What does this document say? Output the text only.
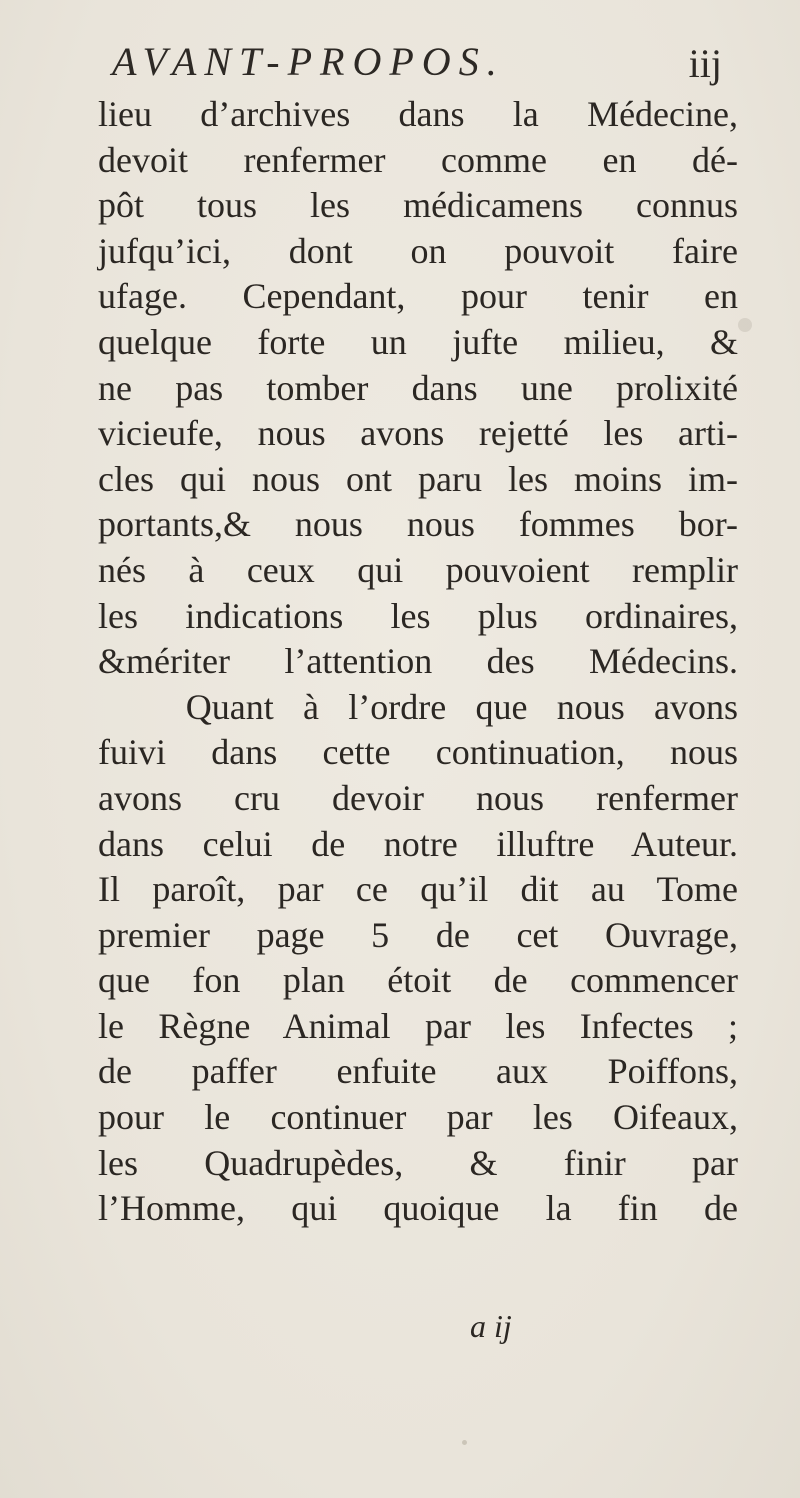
AVANT-PROPOS.	iij
lieu d’archives dans la Médecine,
devoit renfermer comme en dé-
pôt tous les médicamens connus
jufqu’ici, dont on pouvoit faire
ufage. Cependant, pour tenir en
quelque forte un jufte milieu, &
ne pas tomber dans une prolixité
vicieufe, nous avons rejetté les arti-
cles qui nous ont paru les moins im-
portants,& nous nous fommes bor-
nés à ceux qui pouvoient remplir
les indications les plus ordinaires,
&mériter l’attention des Médecins.
Quant à l’ordre que nous avons
fuivi dans cette continuation, nous
avons cru devoir nous renfermer
dans celui de notre illuftre Auteur.
Il paroît, par ce qu’il dit au Tome
premier page 5 de cet Ouvrage,
que fon plan étoit de commencer
le Règne Animal par les Infectes ;
de paffer enfuite aux Poiffons,
pour le continuer par les Oifeaux,
les Quadrupèdes, & finir par
l’Homme, qui quoique la fin de
a ij
